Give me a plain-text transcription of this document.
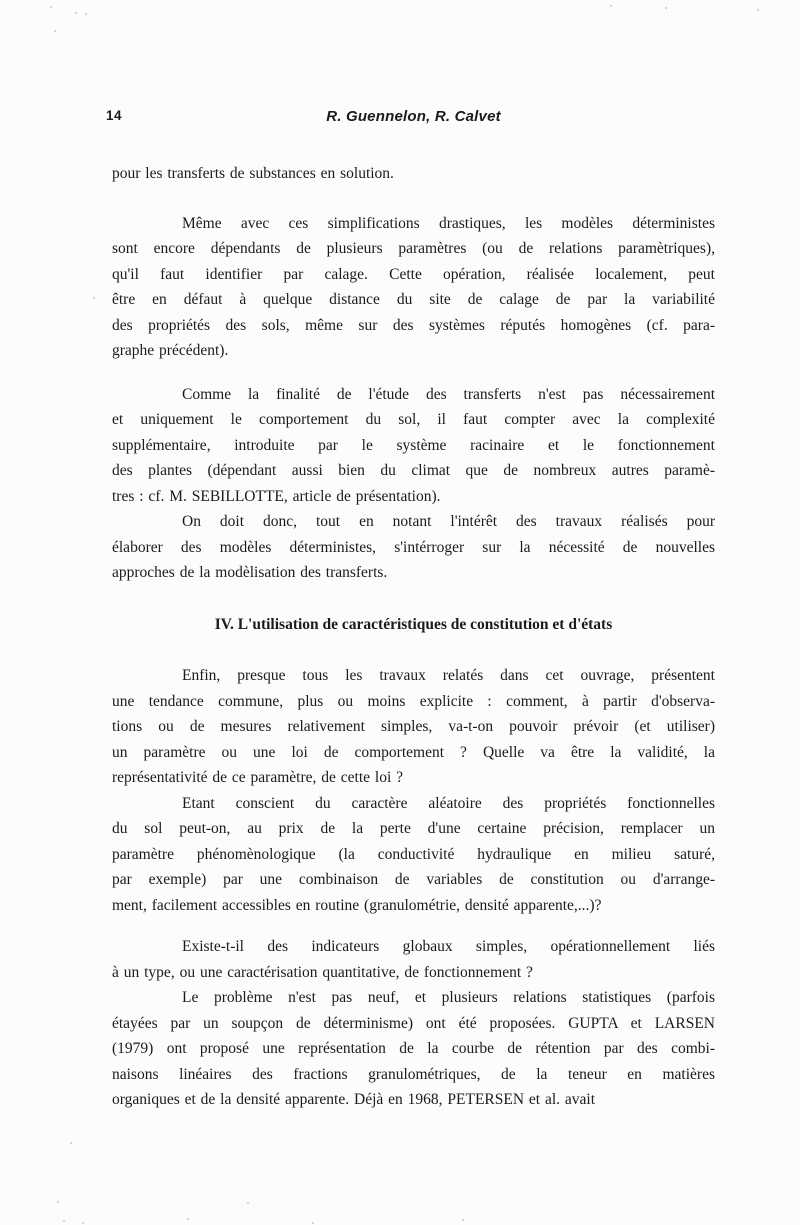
14	R. Guennelon, R. Calvet
pour les transferts de substances en solution.
Même avec ces simplifications drastiques, les modèles déterministes
sont encore dépendants de plusieurs paramètres (ou de relations paramètriques),
qu'il faut identifier par calage. Cette opération, réalisée localement, peut
être en défaut à quelque distance du site de calage de par la variabilité
des propriétés des sols, même sur des systèmes réputés homogènes (cf. para-
graphe précédent).
Comme la finalité de l'étude des transferts n'est pas nécessairement
et uniquement le comportement du sol, il faut compter avec la complexité
supplémentaire, introduite par le système racinaire et le fonctionnement
des plantes (dépendant aussi bien du climat que de nombreux autres paramè-
tres : cf. M. SEBILLOTTE, article de présentation).
On doit donc, tout en notant l'intérêt des travaux réalisés pour
élaborer des modèles déterministes, s'intérroger sur la nécessité de nouvelles
approches de la modèlisation des transferts.
IV. L'utilisation de caractéristiques de constitution et d'états
Enfin, presque tous les travaux relatés dans cet ouvrage, présentent
une tendance commune, plus ou moins explicite : comment, à partir d'observa-
tions ou de mesures relativement simples, va-t-on pouvoir prévoir (et utiliser)
un paramètre ou une loi de comportement ? Quelle va être la validité, la
représentativité de ce paramètre, de cette loi ?
Etant conscient du caractère aléatoire des propriétés fonctionnelles
du sol peut-on, au prix de la perte d'une certaine précision, remplacer un
paramètre phénomènologique (la conductivité hydraulique en milieu saturé,
par exemple) par une combinaison de variables de constitution ou d'arrange-
ment, facilement accessibles en routine (granulométrie, densité apparente,...)?
Existe-t-il des indicateurs globaux simples, opérationnellement liés
à un type, ou une caractérisation quantitative, de fonctionnement ?
Le problème n'est pas neuf, et plusieurs relations statistiques (parfois
étayées par un soupçon de déterminisme) ont été proposées. GUPTA et LARSEN
(1979) ont proposé une représentation de la courbe de rétention par des combi-
naisons linéaires des fractions granulométriques, de la teneur en matières
organiques et de la densité apparente. Déjà en 1968, PETERSEN et al. avait
